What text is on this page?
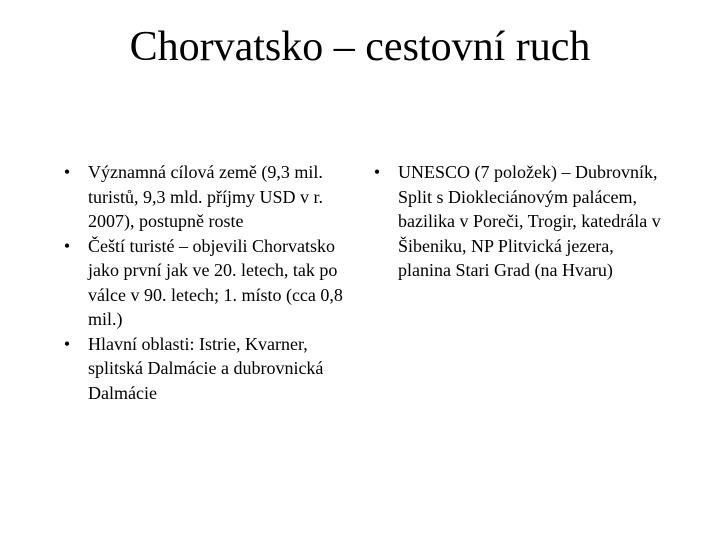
Chorvatsko – cestovní ruch
• Významná cílová země (9,3 mil. turistů, 9,3 mld. příjmy USD v r. 2007), postupně roste
• Čeští turisté – objevili Chorvatsko jako první jak ve 20. letech, tak po válce v 90. letech; 1. místo (cca 0,8 mil.)
• Hlavní oblasti: Istrie, Kvarner, splitská Dalmácie a dubrovnická Dalmácie
• UNESCO (7 položek) – Dubrovník, Split s Diokleciánovým palácem, bazilika v Poreči, Trogir, katedrála v Šibeniku, NP Plitvická jezera, planina Stari Grad (na Hvaru)
